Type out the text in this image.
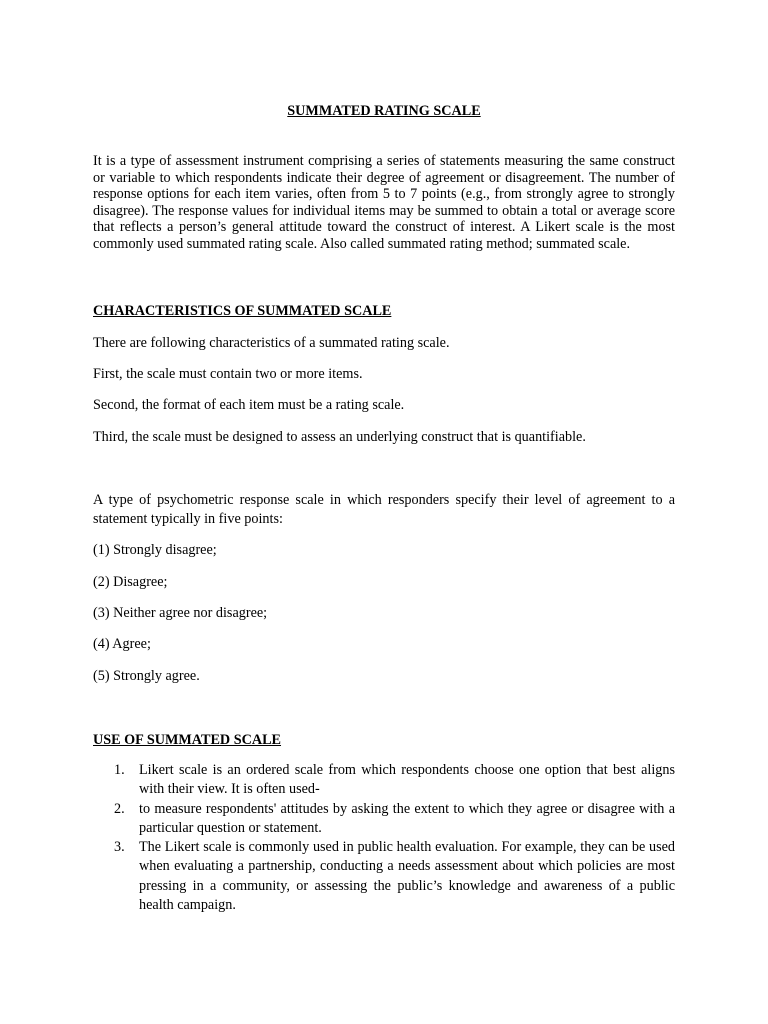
SUMMATED RATING SCALE

It is a type of assessment instrument comprising a series of statements measuring the same construct or variable to which respondents indicate their degree of agreement or disagreement. The number of response options for each item varies, often from 5 to 7 points (e.g., from strongly agree to strongly disagree). The response values for individual items may be summed to obtain a total or average score that reflects a person’s general attitude toward the construct of interest. A Likert scale is the most commonly used summated rating scale. Also called summated rating method; summated scale.

CHARACTERISTICS OF SUMMATED SCALE

There are following characteristics of a summated rating scale.

First, the scale must contain two or more items.

Second, the format of each item must be a rating scale.

Third, the scale must be designed to assess an underlying construct that is quantifiable.

A type of psychometric response scale in which responders specify their level of agreement to a statement typically in five points:

(1) Strongly disagree;

(2) Disagree;

(3) Neither agree nor disagree;

(4) Agree;

(5) Strongly agree.

USE OF SUMMATED SCALE

1. Likert scale is an ordered scale from which respondents choose one option that best aligns with their view. It is often used-
2. to measure respondents' attitudes by asking the extent to which they agree or disagree with a particular question or statement.
3. The Likert scale is commonly used in public health evaluation. For example, they can be used when evaluating a partnership, conducting a needs assessment about which policies are most pressing in a community, or assessing the public’s knowledge and awareness of a public health campaign.
